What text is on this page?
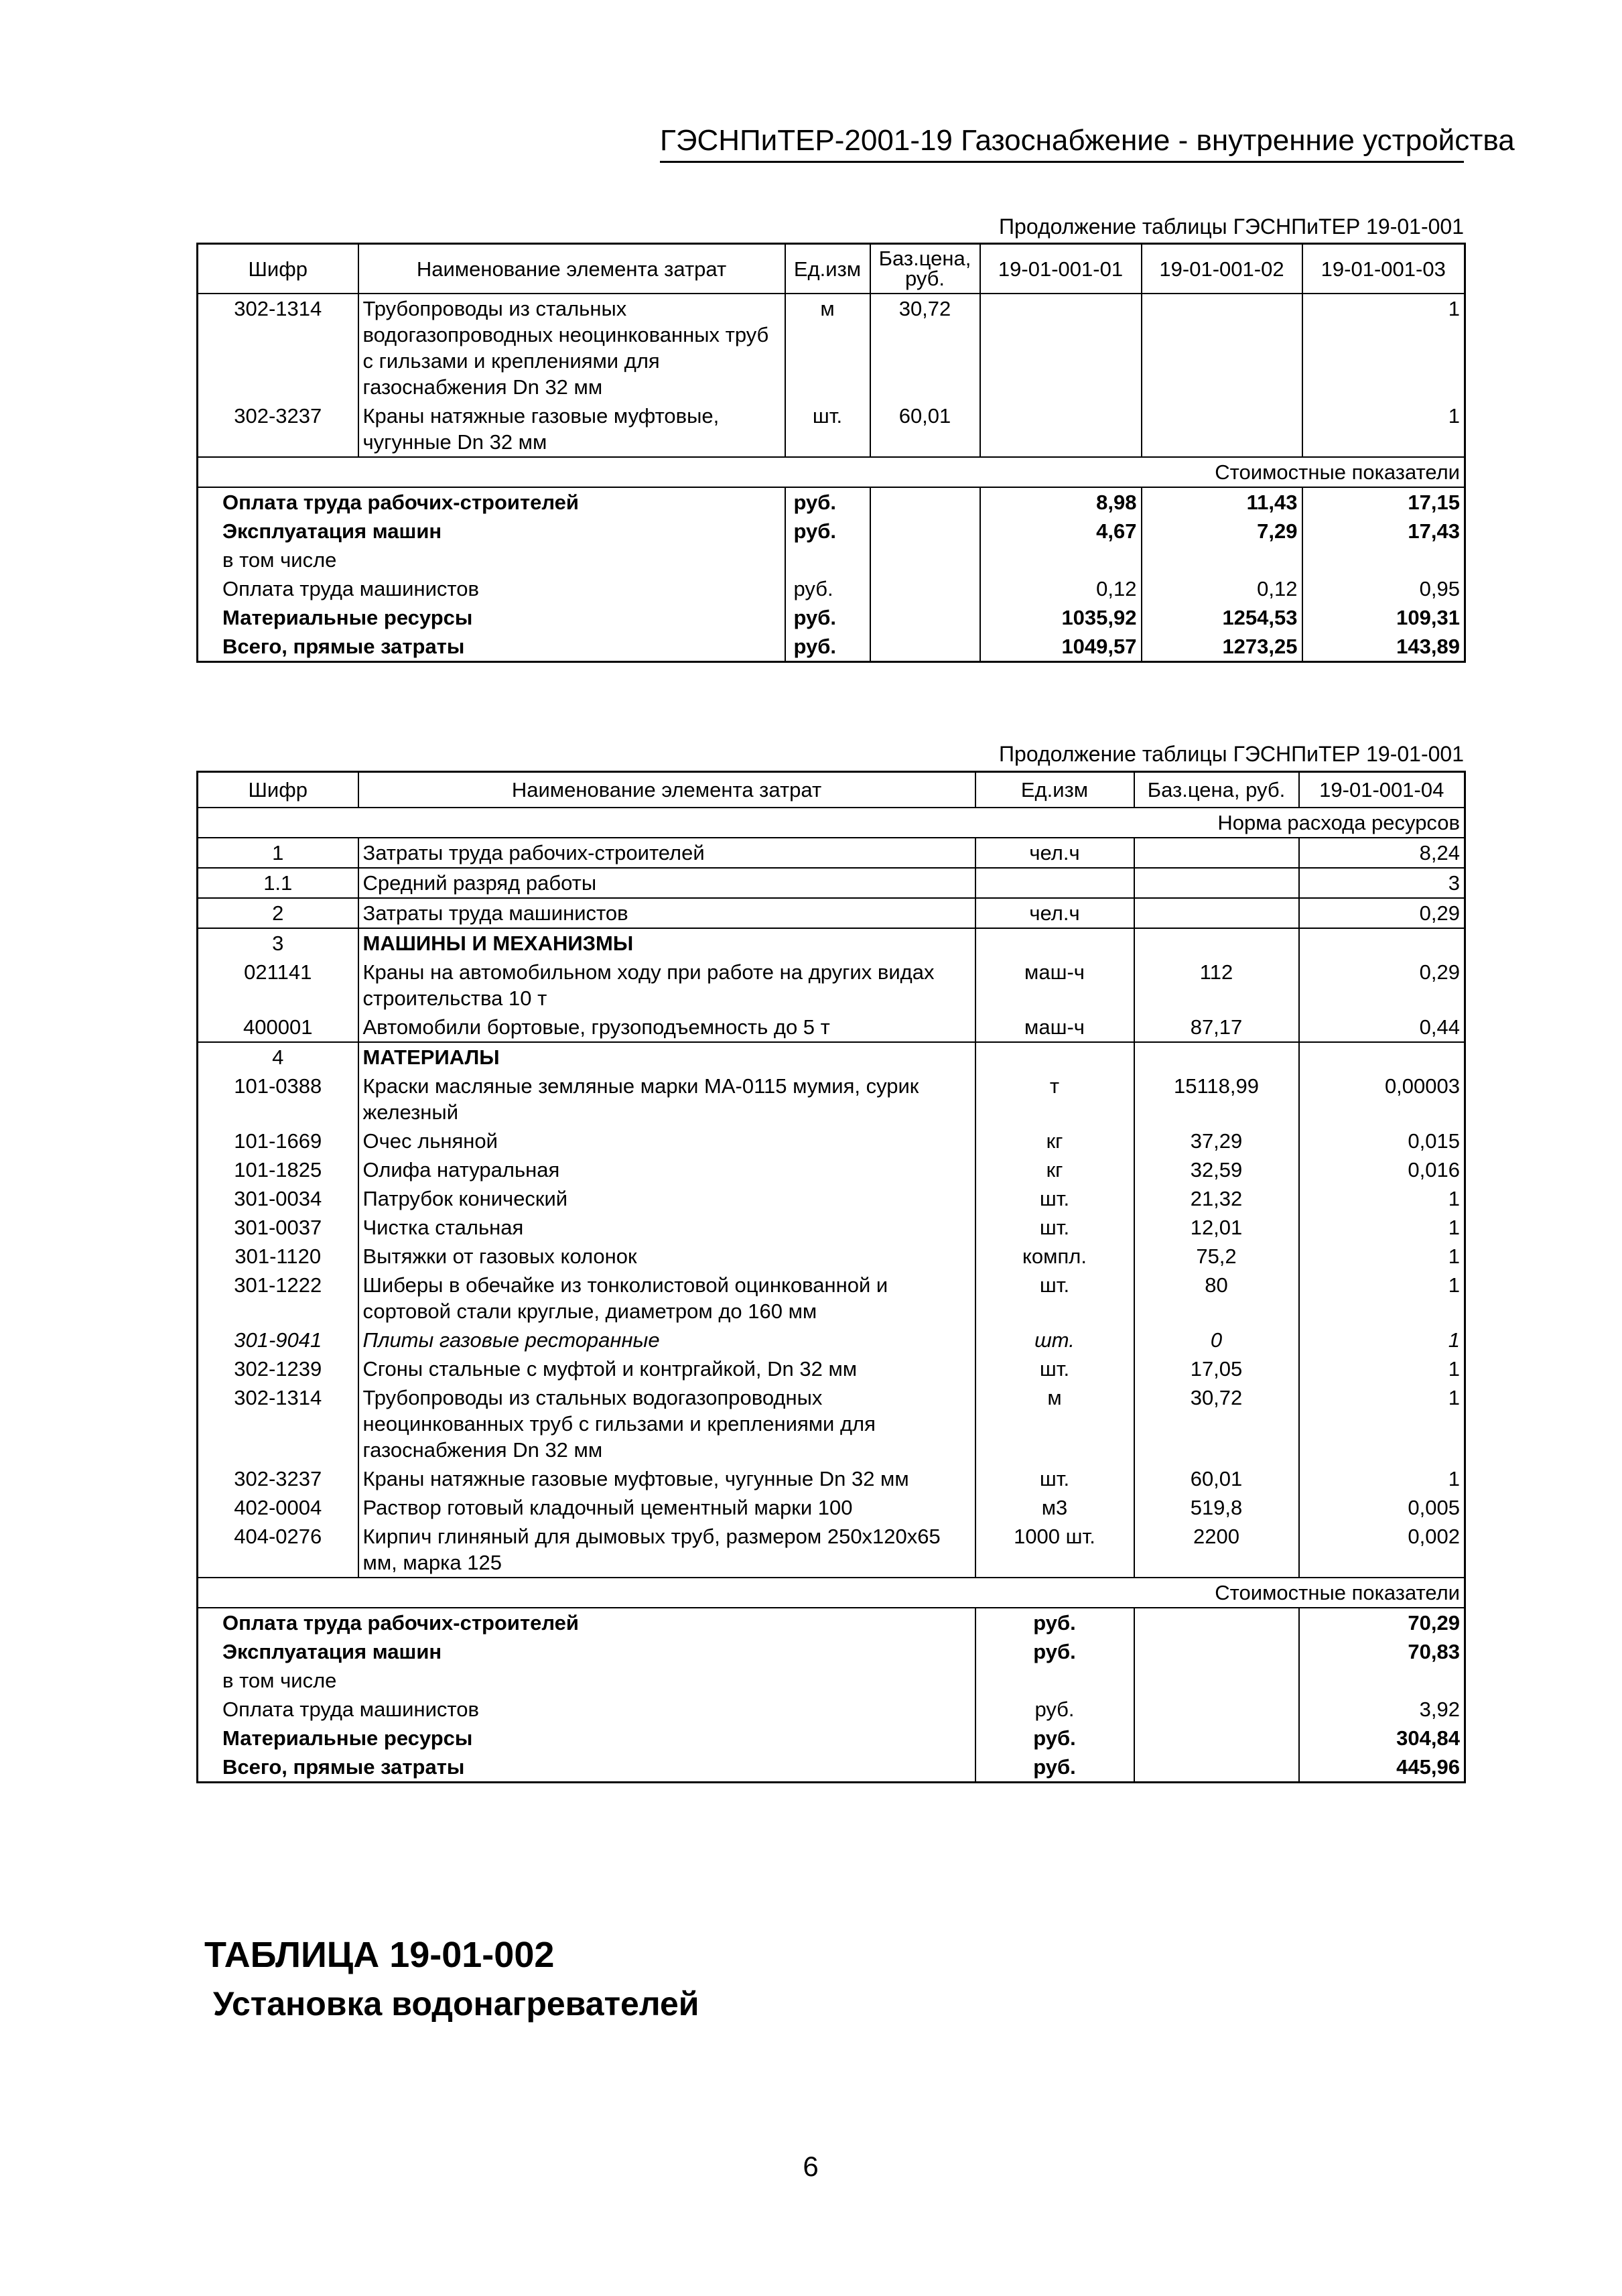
ГЭСНПиТЕР-2001-19 Газоснабжение - внутренние устройства
Продолжение таблицы ГЭСНПиТЕР 19-01-001
Шифр	Наименование элемента затрат	Ед.изм	Баз.цена, руб.	19-01-001-01	19-01-001-02	19-01-001-03
302-1314	Трубопроводы из стальных водогазопроводных неоцинкованных труб с гильзами и креплениями для газоснабжения Dn 32 мм	м	30,72			1
302-3237	Краны натяжные газовые муфтовые, чугунные Dn 32 мм	шт.	60,01			1
Стоимостные показатели						
Оплата труда рабочих-строителей		руб.		8,98	11,43	17,15
Эксплуатация машин		руб.		4,67	7,29	17,43
в том числе						
Оплата труда машинистов		руб.		0,12	0,12	0,95
Материальные ресурсы		руб.		1035,92	1254,53	109,31
Всего, прямые затраты		руб.		1049,57	1273,25	143,89
Продолжение таблицы ГЭСНПиТЕР 19-01-001
Шифр	Наименование элемента затрат	Ед.изм	Баз.цена, руб.	19-01-001-04
Норма расхода ресурсов				
1	Затраты труда рабочих-строителей	чел.ч		8,24
1.1	Средний разряд работы			3
2	Затраты труда машинистов	чел.ч		0,29
3	МАШИНЫ И МЕХАНИЗМЫ			
021141	Краны на автомобильном ходу при работе на других видах строительства 10 т	маш-ч	112	0,29
400001	Автомобили бортовые, грузоподъемность до 5 т	маш-ч	87,17	0,44
4	МАТЕРИАЛЫ			
101-0388	Краски масляные земляные марки МА-0115 мумия, сурик железный	т	15118,99	0,00003
101-1669	Очес льняной	кг	37,29	0,015
101-1825	Олифа натуральная	кг	32,59	0,016
301-0034	Патрубок конический	шт.	21,32	1
301-0037	Чистка стальная	шт.	12,01	1
301-1120	Вытяжки от газовых колонок	компл.	75,2	1
301-1222	Шиберы в обечайке из тонколистовой оцинкованной и сортовой стали круглые, диаметром до 160 мм	шт.	80	1
301-9041	Плиты газовые ресторанные	шт.	0	1
302-1239	Сгоны стальные с муфтой и контргайкой, Dn 32 мм	шт.	17,05	1
302-1314	Трубопроводы из стальных водогазопроводных неоцинкованных труб с гильзами и креплениями для газоснабжения Dn 32 мм	м	30,72	1
302-3237	Краны натяжные газовые муфтовые, чугунные Dn 32 мм	шт.	60,01	1
402-0004	Раствор готовый кладочный цементный марки 100	м3	519,8	0,005
404-0276	Кирпич глиняный для дымовых труб, размером 250х120х65 мм, марка 125	1000 шт.	2200	0,002
Стоимостные показатели				
Оплата труда рабочих-строителей		руб.		70,29
Эксплуатация машин		руб.		70,83
в том числе				
Оплата труда машинистов		руб.		3,92
Материальные ресурсы		руб.		304,84
Всего, прямые затраты		руб.		445,96
ТАБЛИЦА 19-01-002
Установка водонагревателей
6
